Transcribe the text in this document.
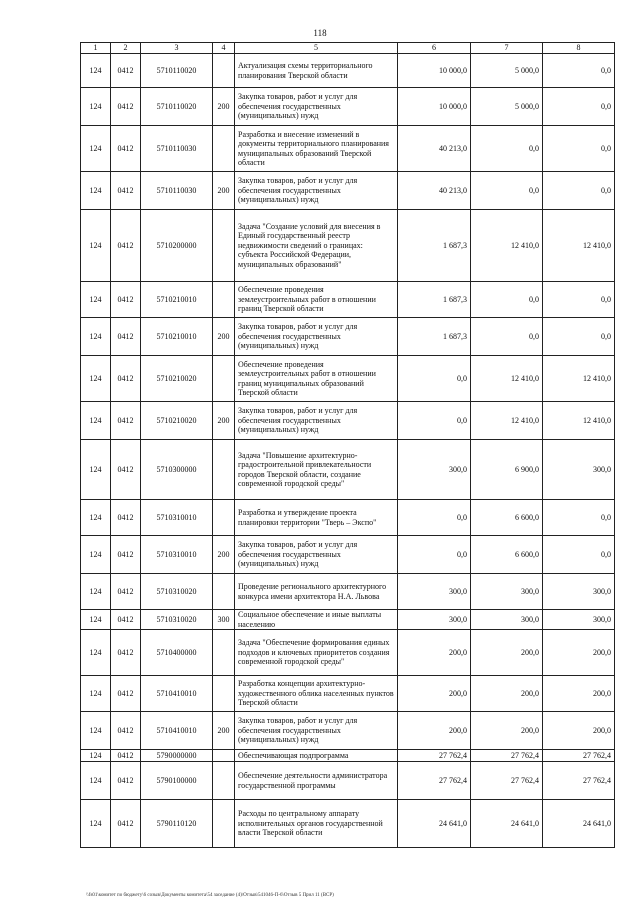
118
1	2	3	4	5	6	7	8
124	0412	5710110020		Актуализация схемы территориального планирования Тверской области	10 000,0	5 000,0	0,0
124	0412	5710110020	200	Закупка товаров, работ и услуг для обеспечения государственных (муниципальных) нужд	10 000,0	5 000,0	0,0
124	0412	5710110030		Разработка и внесение изменений в документы территориального планирования муниципальных образований Тверской области	40 213,0	0,0	0,0
124	0412	5710110030	200	Закупка товаров, работ и услуг для обеспечения государственных (муниципальных) нужд	40 213,0	0,0	0,0
124	0412	5710200000		Задача "Создание условий для внесения в Единый государственный реестр недвижимости сведений о границах: субъекта Российской Федерации, муниципальных образований"	1 687,3	12 410,0	12 410,0
124	0412	5710210010		Обеспечение проведения землеустроительных работ в отношении границ Тверской области	1 687,3	0,0	0,0
124	0412	5710210010	200	Закупка товаров, работ и услуг для обеспечения государственных (муниципальных) нужд	1 687,3	0,0	0,0
124	0412	5710210020		Обеспечение проведения землеустроительных работ в отношении границ муниципальных образований Тверской области	0,0	12 410,0	12 410,0
124	0412	5710210020	200	Закупка товаров, работ и услуг для обеспечения государственных (муниципальных) нужд	0,0	12 410,0	12 410,0
124	0412	5710300000		Задача "Повышение архитектурно-градостроительной привлекательности городов Тверской области, создание современной городской среды"	300,0	6 900,0	300,0
124	0412	5710310010		Разработка и утверждение проекта планировки территории "Тверь – Экспо"	0,0	6 600,0	0,0
124	0412	5710310010	200	Закупка товаров, работ и услуг для обеспечения государственных (муниципальных) нужд	0,0	6 600,0	0,0
124	0412	5710310020		Проведение регионального архитектурного конкурса имени архитектора Н.А. Львова	300,0	300,0	300,0
124	0412	5710310020	300	Социальное обеспечение и иные выплаты населению	300,0	300,0	300,0
124	0412	5710400000		Задача "Обеспечение формирования единых подходов и ключевых приоритетов создания современной городской среды"	200,0	200,0	200,0
124	0412	5710410010		Разработка концепции архитектурно-художественного облика населенных пунктов Тверской области	200,0	200,0	200,0
124	0412	5710410010	200	Закупка товаров, работ и услуг для обеспечения государственных (муниципальных) нужд	200,0	200,0	200,0
124	0412	5790000000		Обеспечивающая подпрограмма	27 762,4	27 762,4	27 762,4
124	0412	5790100000		Обеспечение деятельности администратора государственной программы	27 762,4	27 762,4	27 762,4
124	0412	5790110120		Расходы по центральному аппарату исполнительных органов государственной власти Тверской области	24 641,0	24 641,0	24 641,0
\\fs01\комитет по бюджету\6 созыв\Документы комитета\54 заседание (4)\Отзыв\541046-П-6\Отзыв 5 Прил 11 (ВСР)
